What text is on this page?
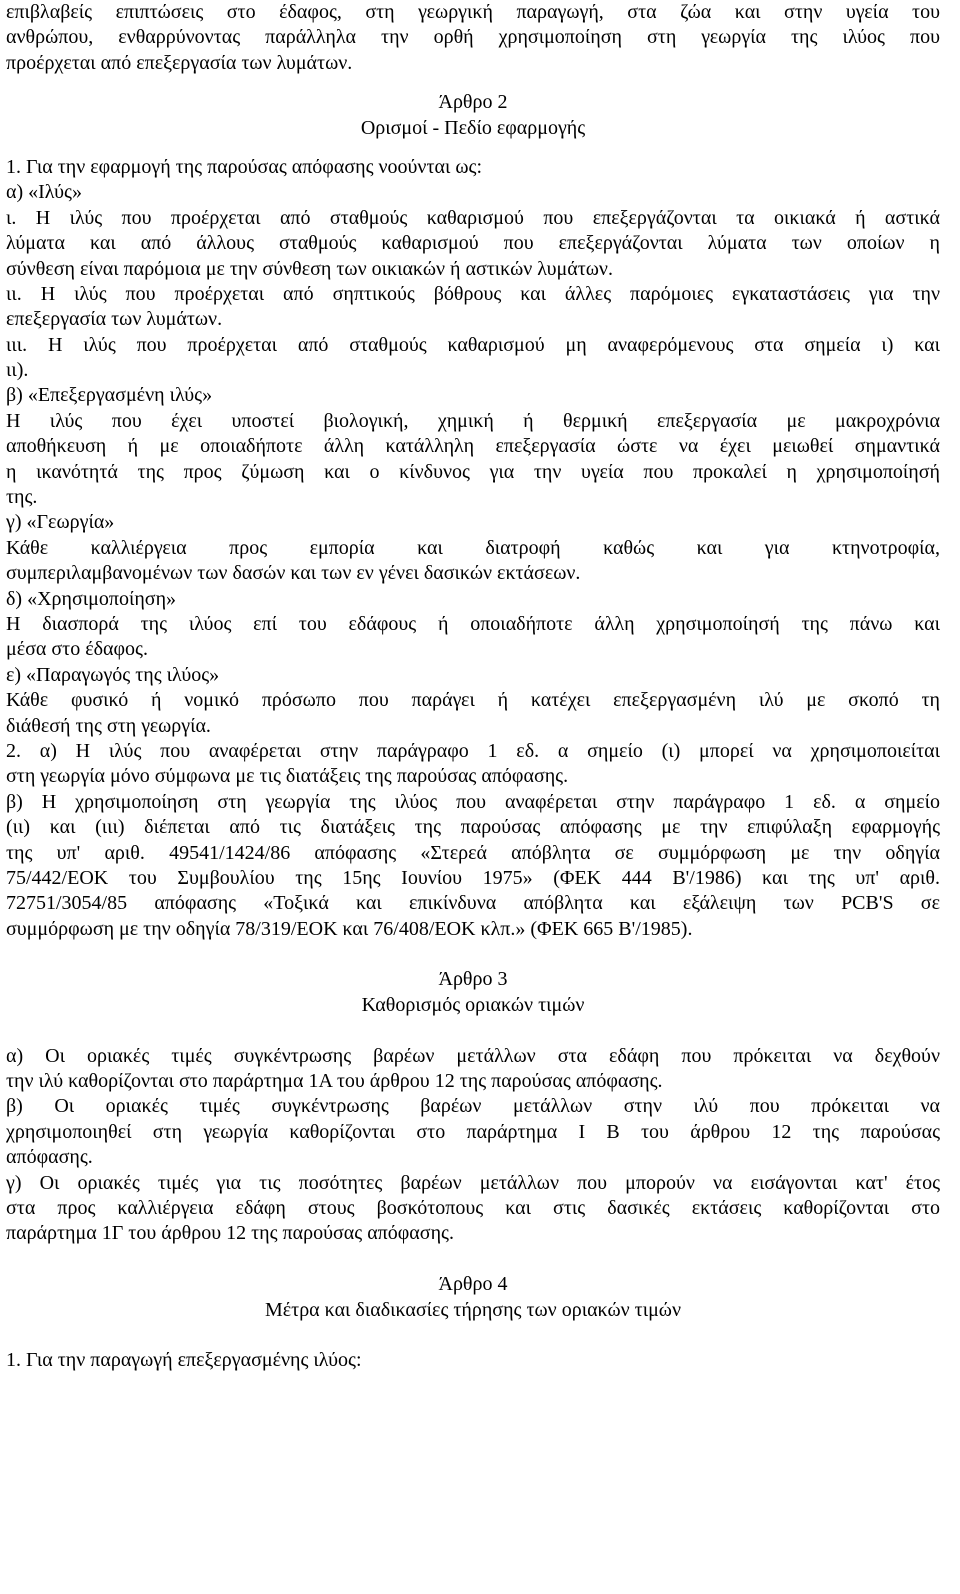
επιβλαβείς επιπτώσεις στο έδαφος, στη γεωργική παραγωγή, στα ζώα και στην υγεία του
ανθρώπου, ενθαρρύνοντας παράλληλα την ορθή χρησιμοποίηση στη γεωργία της ιλύος που
προέρχεται από επεξεργασία των λυμάτων.
Άρθρο 2
Ορισμοί - Πεδίο εφαρμογής
1. Για την εφαρμογή της παρούσας απόφασης νοούνται ως:
α) «Ιλύς»
ι. Η ιλύς που προέρχεται από σταθμούς καθαρισμού που επεξεργάζονται τα οικιακά ή αστικά
λύματα και από άλλους σταθμούς καθαρισμού που επεξεργάζονται λύματα των οποίων η
σύνθεση είναι παρόμοια με την σύνθεση των οικιακών ή αστικών λυμάτων.
ιι. Η ιλύς που προέρχεται από σηπτικούς βόθρους και άλλες παρόμοιες εγκαταστάσεις για την
επεξεργασία των λυμάτων.
ιιι. Η ιλύς που προέρχεται από σταθμούς καθαρισμού μη αναφερόμενους στα σημεία ι) και
ιι).
β) «Επεξεργασμένη ιλύς»
Η ιλύς που έχει υποστεί βιολογική, χημική ή θερμική επεξεργασία με μακροχρόνια
αποθήκευση ή με οποιαδήποτε άλλη κατάλληλη επεξεργασία ώστε να έχει μειωθεί σημαντικά
η ικανότητά της προς ζύμωση και ο κίνδυνος για την υγεία που προκαλεί η χρησιμοποίησή
της.
γ) «Γεωργία»
Κάθε καλλιέργεια προς εμπορία και διατροφή καθώς και για κτηνοτροφία,
συμπεριλαμβανομένων των δασών και των εν γένει δασικών εκτάσεων.
δ) «Χρησιμοποίηση»
Η διασπορά της ιλύος επί του εδάφους ή οποιαδήποτε άλλη χρησιμοποίησή της πάνω και
μέσα στο έδαφος.
ε) «Παραγωγός της ιλύος»
Κάθε φυσικό ή νομικό πρόσωπο που παράγει ή κατέχει επεξεργασμένη ιλύ με σκοπό τη
διάθεσή της στη γεωργία.
2. α) Η ιλύς που αναφέρεται στην παράγραφο 1 εδ. α σημείο (ι) μπορεί να χρησιμοποιείται
στη γεωργία μόνο σύμφωνα με τις διατάξεις της παρούσας απόφασης.
β) Η χρησιμοποίηση στη γεωργία της ιλύος που αναφέρεται στην παράγραφο 1 εδ. α σημείο
(ιι) και (ιιι) διέπεται από τις διατάξεις της παρούσας απόφασης με την επιφύλαξη εφαρμογής
της υπ' αριθ. 49541/1424/86 απόφασης «Στερεά απόβλητα σε συμμόρφωση με την οδηγία
75/442/ΕΟΚ του Συμβουλίου της 15ης Ιουνίου 1975» (ΦΕΚ 444 Β'/1986) και της υπ' αριθ.
72751/3054/85 απόφασης «Τοξικά και επικίνδυνα απόβλητα και εξάλειψη των PCB'S σε
συμμόρφωση με την οδηγία 78/319/ΕΟΚ και 76/408/ΕΟΚ κλπ.» (ΦΕΚ 665 Β'/1985).
Άρθρο 3
Καθορισμός οριακών τιμών
α) Οι οριακές τιμές συγκέντρωσης βαρέων μετάλλων στα εδάφη που πρόκειται να δεχθούν
την ιλύ καθορίζονται στο παράρτημα 1Α του άρθρου 12 της παρούσας απόφασης.
β) Οι οριακές τιμές συγκέντρωσης βαρέων μετάλλων στην ιλύ που πρόκειται να
χρησιμοποιηθεί στη γεωργία καθορίζονται στο παράρτημα Ι Β του άρθρου 12 της παρούσας
απόφασης.
γ) Οι οριακές τιμές για τις ποσότητες βαρέων μετάλλων που μπορούν να εισάγονται κατ' έτος
στα προς καλλιέργεια εδάφη στους βοσκότοπους και στις δασικές εκτάσεις καθορίζονται στο
παράρτημα 1Γ του άρθρου 12 της παρούσας απόφασης.
Άρθρο 4
Μέτρα και διαδικασίες τήρησης των οριακών τιμών
1. Για την παραγωγή επεξεργασμένης ιλύος:
